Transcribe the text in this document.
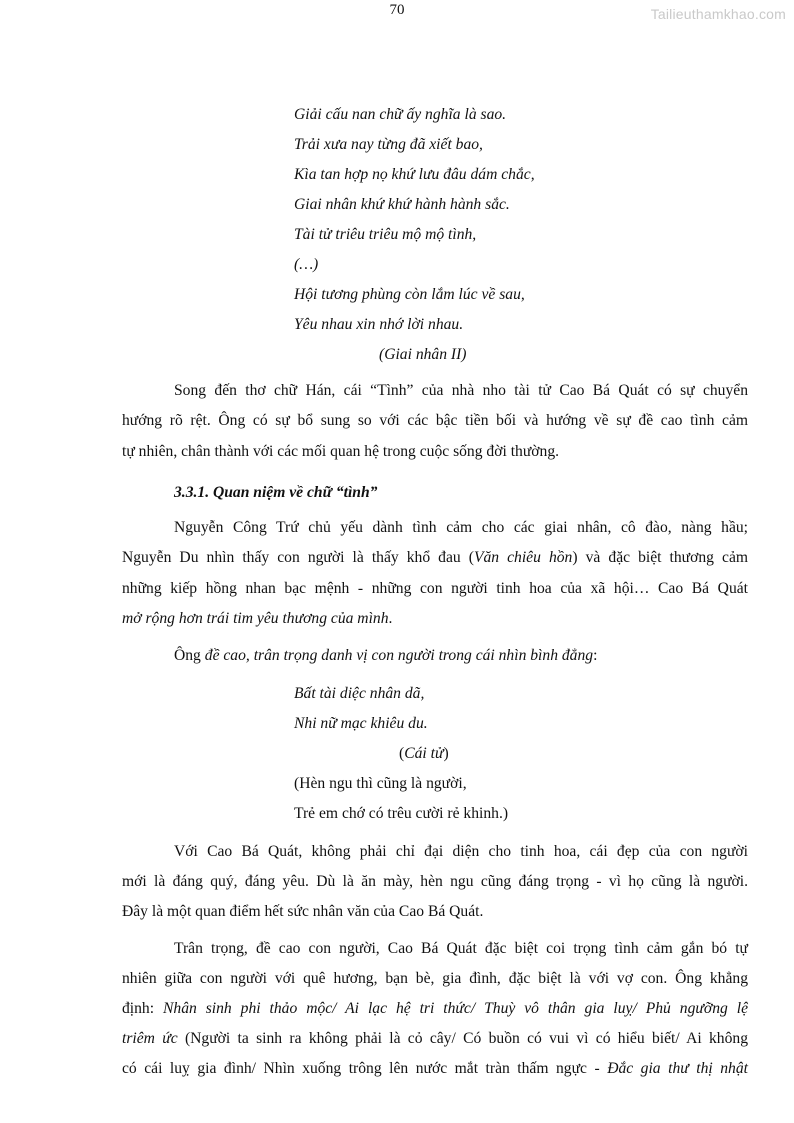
70	Tailieuthamkhao.com
Giải cấu nan chữ ấy nghĩa là sao.
Trải xưa nay từng đã xiết bao,
Kìa tan hợp nọ khứ lưu đâu dám chắc,
Giai nhân khứ khứ hành hành sắc.
Tài tử triêu triêu mộ mộ tình,
(…)
Hội tương phùng còn lắm lúc về sau,
Yêu nhau xin nhớ lời nhau.
(Giai nhân II)
Song đến thơ chữ Hán, cái “Tình” của nhà nho tài tử Cao Bá Quát có sự chuyển
hướng rõ rệt. Ông có sự bổ sung so với các bậc tiền bối và hướng về sự đề cao tình cảm
tự nhiên, chân thành với các mối quan hệ trong cuộc sống đời thường.
3.3.1. Quan niệm về chữ “tình”
Nguyễn Công Trứ chủ yếu dành tình cảm cho các giai nhân, cô đào, nàng hầu;
Nguyễn Du nhìn thấy con người là thấy khổ đau (Văn chiêu hồn) và đặc biệt thương cảm
những kiếp hồng nhan bạc mệnh - những con người tinh hoa của xã hội… Cao Bá Quát
mở rộng hơn trái tim yêu thương của mình.
Ông đề cao, trân trọng danh vị con người trong cái nhìn bình đẳng:
Bất tài diệc nhân dã,
Nhi nữ mạc khiêu du.
(Cái tử)
(Hèn ngu thì cũng là người,
Trẻ em chớ có trêu cười rẻ khinh.)
Với Cao Bá Quát, không phải chỉ đại diện cho tinh hoa, cái đẹp của con người
mới là đáng quý, đáng yêu. Dù là ăn mày, hèn ngu cũng đáng trọng - vì họ cũng là người.
Đây là một quan điểm hết sức nhân văn của Cao Bá Quát.
Trân trọng, đề cao con người, Cao Bá Quát đặc biệt coi trọng tình cảm gắn bó tự
nhiên giữa con người với quê hương, bạn bè, gia đình, đặc biệt là với vợ con. Ông khẳng
định: Nhân sinh phi thảo mộc/ Ai lạc hệ tri thức/ Thuỳ vô thân gia luỵ/ Phủ ngưỡng lệ
triêm ức (Người ta sinh ra không phải là cỏ cây/ Có buồn có vui vì có hiểu biết/ Ai không
có cái luỵ gia đình/ Nhìn xuống trông lên nước mắt tràn thấm ngực - Đắc gia thư thị nhật
